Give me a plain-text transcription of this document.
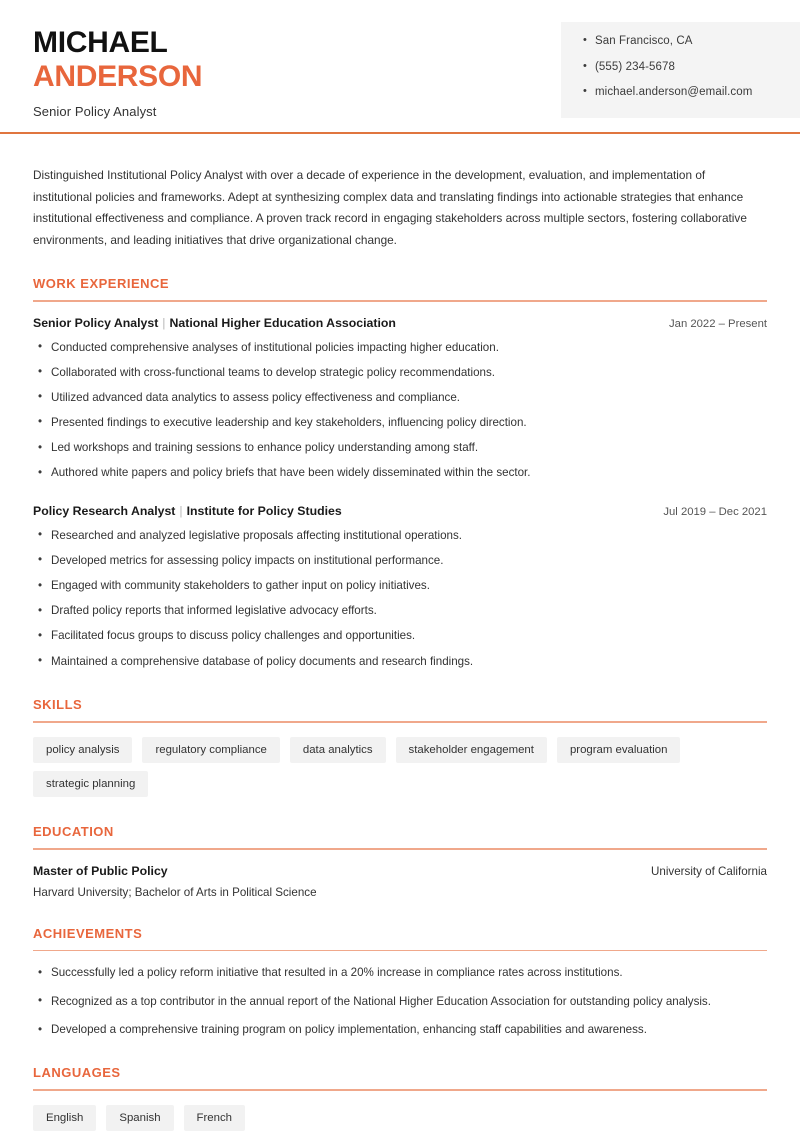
• San Francisco, CA
• (555) 234-5678
• michael.anderson@email.com
MICHAEL
ANDERSON
Senior Policy Analyst

Distinguished Institutional Policy Analyst with over a decade of experience in the development, evaluation, and implementation of institutional policies and frameworks. Adept at synthesizing complex data and translating findings into actionable strategies that enhance institutional effectiveness and compliance. A proven track record in engaging stakeholders across multiple sectors, fostering collaborative environments, and leading initiatives that drive organizational change.

WORK EXPERIENCE
Senior Policy Analyst | National Higher Education Association	Jan 2022 – Present
• Conducted comprehensive analyses of institutional policies impacting higher education.
• Collaborated with cross-functional teams to develop strategic policy recommendations.
• Utilized advanced data analytics to assess policy effectiveness and compliance.
• Presented findings to executive leadership and key stakeholders, influencing policy direction.
• Led workshops and training sessions to enhance policy understanding among staff.
• Authored white papers and policy briefs that have been widely disseminated within the sector.
Policy Research Analyst | Institute for Policy Studies	Jul 2019 – Dec 2021
• Researched and analyzed legislative proposals affecting institutional operations.
• Developed metrics for assessing policy impacts on institutional performance.
• Engaged with community stakeholders to gather input on policy initiatives.
• Drafted policy reports that informed legislative advocacy efforts.
• Facilitated focus groups to discuss policy challenges and opportunities.
• Maintained a comprehensive database of policy documents and research findings.
SKILLS
policy analysis	regulatory compliance	data analytics	stakeholder engagement	program evaluation
strategic planning
EDUCATION
Master of Public Policy	University of California
Harvard University; Bachelor of Arts in Political Science
ACHIEVEMENTS
• Successfully led a policy reform initiative that resulted in a 20% increase in compliance rates across institutions.
• Recognized as a top contributor in the annual report of the National Higher Education Association for outstanding policy analysis.
• Developed a comprehensive training program on policy implementation, enhancing staff capabilities and awareness.
LANGUAGES
English	Spanish	French
